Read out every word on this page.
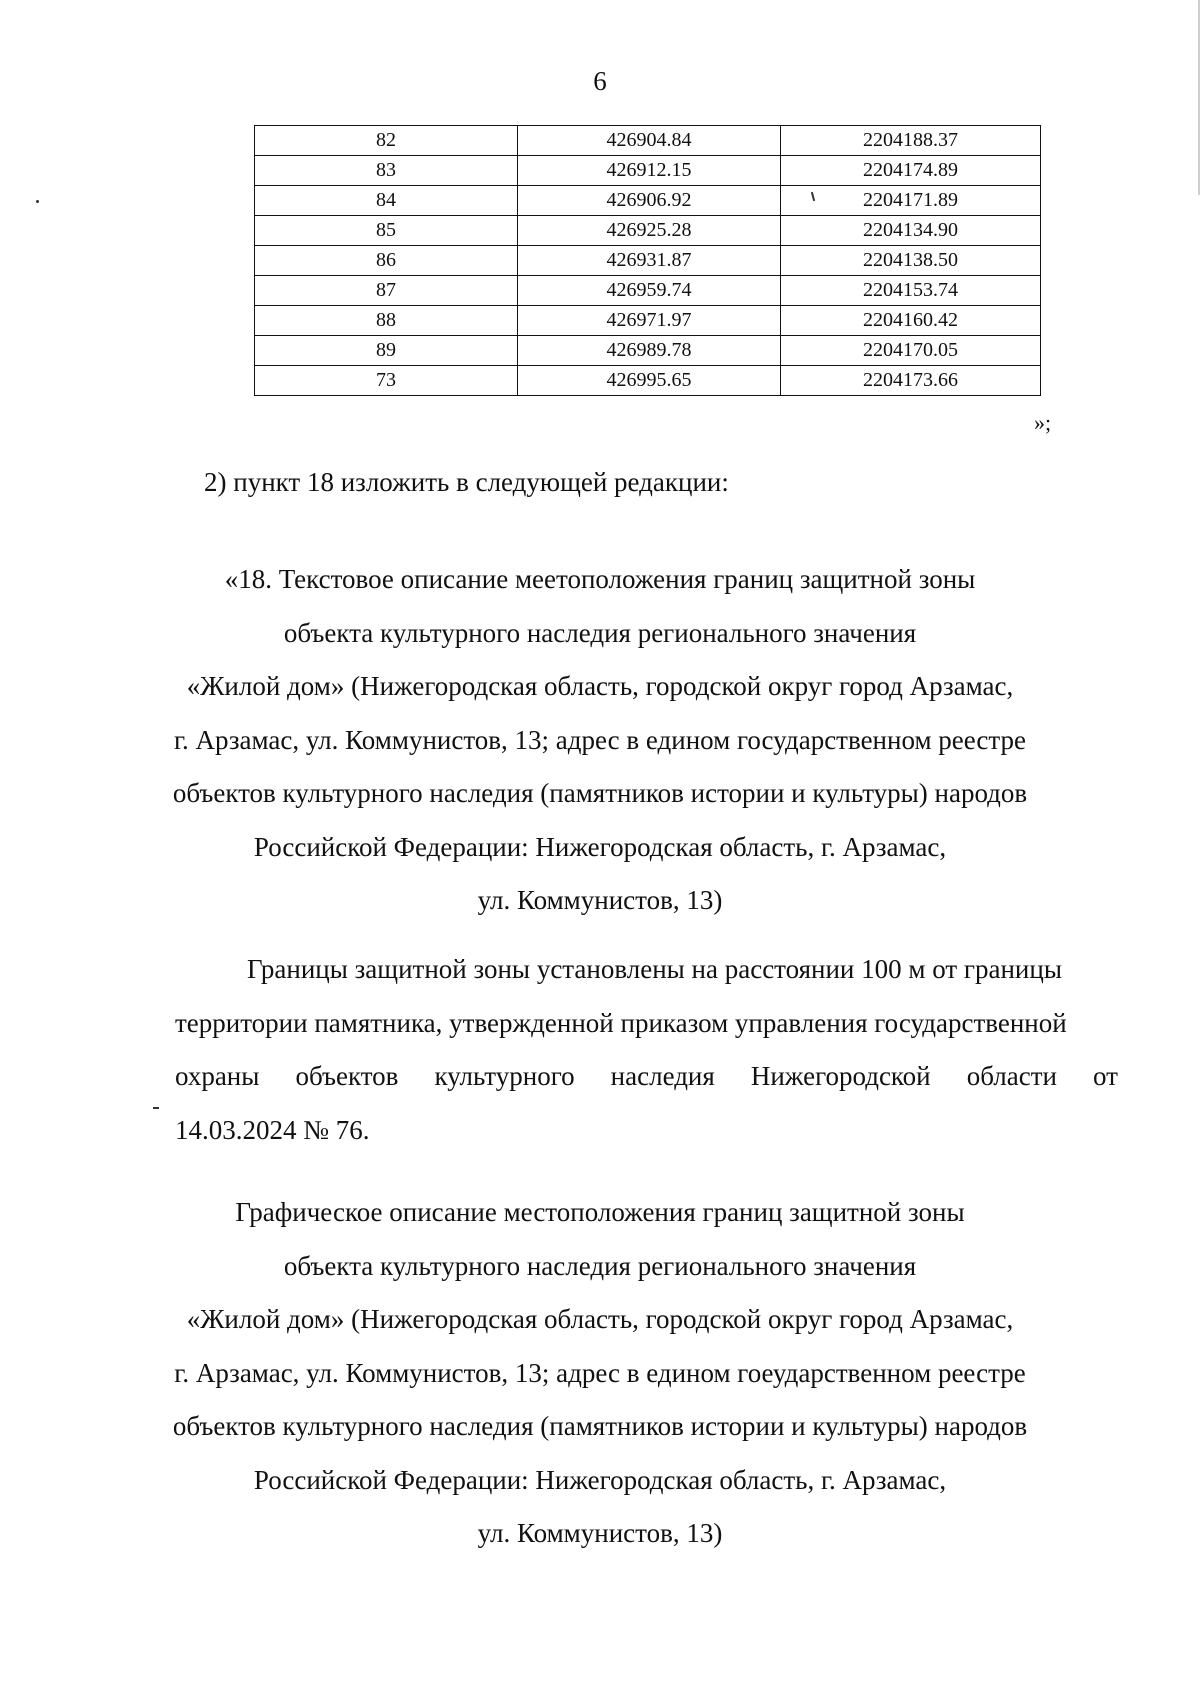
6
82	426904.84	2204188.37
83	426912.15	2204174.89
84	426906.92	2204171.89
85	426925.28	2204134.90
86	426931.87	2204138.50
87	426959.74	2204153.74
88	426971.97	2204160.42
89	426989.78	2204170.05
73	426995.65	2204173.66
»;
2) пункт 18 изложить в следующей редакции:
«18. Текстовое описание меетоположения границ защитной зоны
объекта культурного наследия регионального значения
«Жилой дом» (Нижегородская область, городской округ город Арзамас,
г. Арзамас, ул. Коммунистов, 13; адрес в едином государственном реестре
объектов культурного наследия (памятников истории и культуры) народов
Российской Федерации: Нижегородская область, г. Арзамас,
ул. Коммунистов, 13)
Границы защитной зоны установлены на расстоянии 100 м от границы
территории памятника, утвержденной приказом управления государственной
охраны объектов культурного наследия Нижегородской области от
14.03.2024 № 76.
Графическое описание местоположения границ защитной зоны
объекта культурного наследия регионального значения
«Жилой дом» (Нижегородская область, городской округ город Арзамас,
г. Арзамас, ул. Коммунистов, 13; адрес в едином гоеударственном реестре
объектов культурного наследия (памятников истории и культуры) народов
Российской Федерации: Нижегородская область, г. Арзамас,
ул. Коммунистов, 13)
